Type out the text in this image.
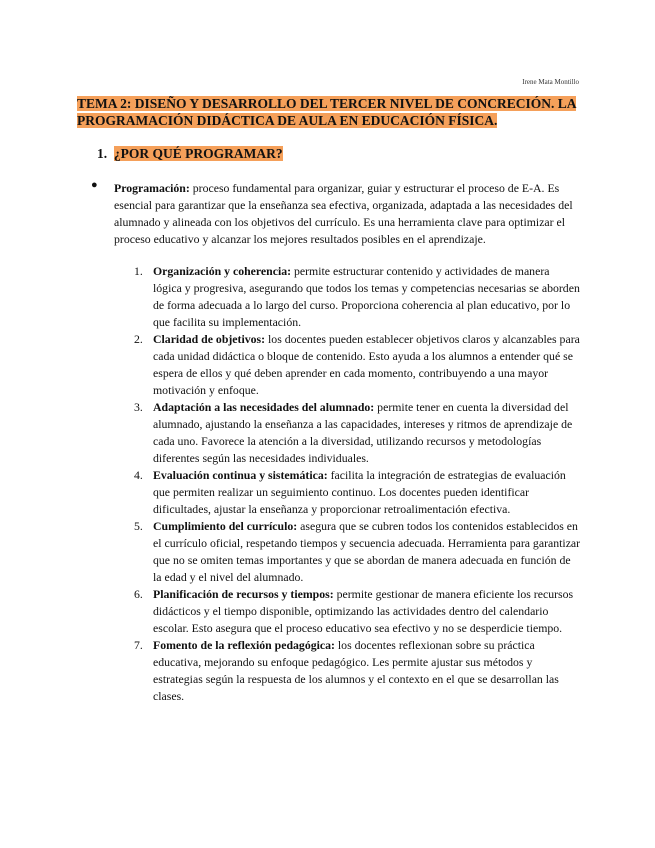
Irene Mata Montillo
TEMA 2: DISEÑO Y DESARROLLO DEL TERCER NIVEL DE CONCRECIÓN. LA PROGRAMACIÓN DIDÁCTICA DE AULA EN EDUCACIÓN FÍSICA.
1. ¿POR QUÉ PROGRAMAR?
● Programación: proceso fundamental para organizar, guiar y estructurar el proceso de E-A. Es esencial para garantizar que la enseñanza sea efectiva, organizada, adaptada a las necesidades del alumnado y alineada con los objetivos del currículo. Es una herramienta clave para optimizar el proceso educativo y alcanzar los mejores resultados posibles en el aprendizaje.
1. Organización y coherencia: permite estructurar contenido y actividades de manera lógica y progresiva, asegurando que todos los temas y competencias necesarias se aborden de forma adecuada a lo largo del curso. Proporciona coherencia al plan educativo, por lo que facilita su implementación.
2. Claridad de objetivos: los docentes pueden establecer objetivos claros y alcanzables para cada unidad didáctica o bloque de contenido. Esto ayuda a los alumnos a entender qué se espera de ellos y qué deben aprender en cada momento, contribuyendo a una mayor motivación y enfoque.
3. Adaptación a las necesidades del alumnado: permite tener en cuenta la diversidad del alumnado, ajustando la enseñanza a las capacidades, intereses y ritmos de aprendizaje de cada uno. Favorece la atención a la diversidad, utilizando recursos y metodologías diferentes según las necesidades individuales.
4. Evaluación continua y sistemática: facilita la integración de estrategias de evaluación que permiten realizar un seguimiento continuo. Los docentes pueden identificar dificultades, ajustar la enseñanza y proporcionar retroalimentación efectiva.
5. Cumplimiento del currículo: asegura que se cubren todos los contenidos establecidos en el currículo oficial, respetando tiempos y secuencia adecuada. Herramienta para garantizar que no se omiten temas importantes y que se abordan de manera adecuada en función de la edad y el nivel del alumnado.
6. Planificación de recursos y tiempos: permite gestionar de manera eficiente los recursos didácticos y el tiempo disponible, optimizando las actividades dentro del calendario escolar. Esto asegura que el proceso educativo sea efectivo y no se desperdicie tiempo.
7. Fomento de la reflexión pedagógica: los docentes reflexionan sobre su práctica educativa, mejorando su enfoque pedagógico. Les permite ajustar sus métodos y estrategias según la respuesta de los alumnos y el contexto en el que se desarrollan las clases.
